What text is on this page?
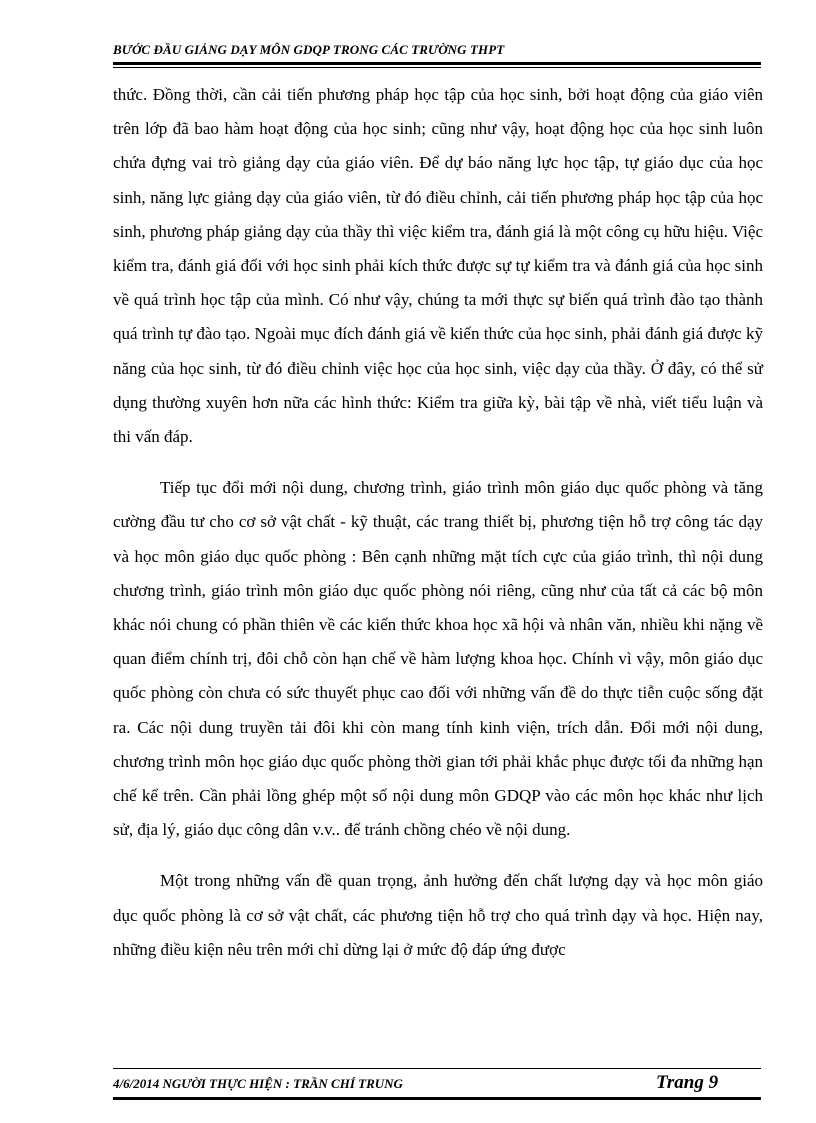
BƯỚC ĐẦU GIẢNG DẠY MÔN GDQP TRONG CÁC TRƯỜNG THPT

thức. Đồng thời, cần cải tiến phương pháp học tập của học sinh, bởi hoạt động của giáo viên trên lớp đã bao hàm hoạt động của học sinh; cũng như vậy, hoạt động học của học sinh luôn chứa đựng vai trò giảng dạy của giáo viên. Để dự báo năng lực học tập, tự giáo dục của học sinh, năng lực giảng dạy của giáo viên, từ đó điều chỉnh, cải tiến phương pháp học tập của học sinh, phương pháp giảng dạy của thầy thì việc kiểm tra, đánh giá là một công cụ hữu hiệu. Việc kiểm tra, đánh giá đối với học sinh phải kích thức được sự tự kiểm tra và đánh giá của học sinh về quá trình học tập của mình. Có như vậy, chúng ta mới thực sự biến quá trình đào tạo thành quá trình tự đào tạo. Ngoài mục đích đánh giá về kiến thức của học sinh, phải đánh giá được kỹ năng của học sinh, từ đó điều chỉnh việc học của học sinh, việc dạy của thầy. Ở đây, có thể sử dụng thường xuyên hơn nữa các hình thức: Kiểm tra giữa kỳ, bài tập về nhà, viết tiểu luận và thi vấn đáp.

Tiếp tục đổi mới nội dung, chương trình, giáo trình môn giáo dục quốc phòng và tăng cường đầu tư cho cơ sở vật chất - kỹ thuật, các trang thiết bị, phương tiện hỗ trợ công tác dạy và học môn giáo dục quốc phòng : Bên cạnh những mặt tích cực của giáo trình, thì nội dung chương trình, giáo trình môn giáo dục quốc phòng nói riêng, cũng như của tất cả các bộ môn khác nói chung có phần thiên về các kiến thức khoa học xã hội và nhân văn, nhiều khi nặng về quan điểm chính trị, đôi chỗ còn hạn chế về hàm lượng khoa học. Chính vì vậy, môn giáo dục quốc phòng còn chưa có sức thuyết phục cao đối với những vấn đề do thực tiễn cuộc sống đặt ra. Các nội dung truyền tải đôi khi còn mang tính kinh viện, trích dẫn. Đổi mới nội dung, chương trình môn học giáo dục quốc phòng thời gian tới phải khắc phục được tối đa những hạn chế kể trên. Cần phải lồng ghép một số nội dung môn GDQP vào các môn học khác như lịch sử, địa lý, giáo dục công dân v.v.. để tránh chồng chéo về nội dung.

Một trong những vấn đề quan trọng, ảnh hưởng đến chất lượng dạy và học môn giáo dục quốc phòng là cơ sở vật chất, các phương tiện hỗ trợ cho quá trình dạy và học. Hiện nay, những điều kiện nêu trên mới chỉ dừng lại ở mức độ đáp ứng được

4/6/2014 NGƯỜI THỰC HIỆN : TRẦN CHÍ TRUNG	Trang 9
